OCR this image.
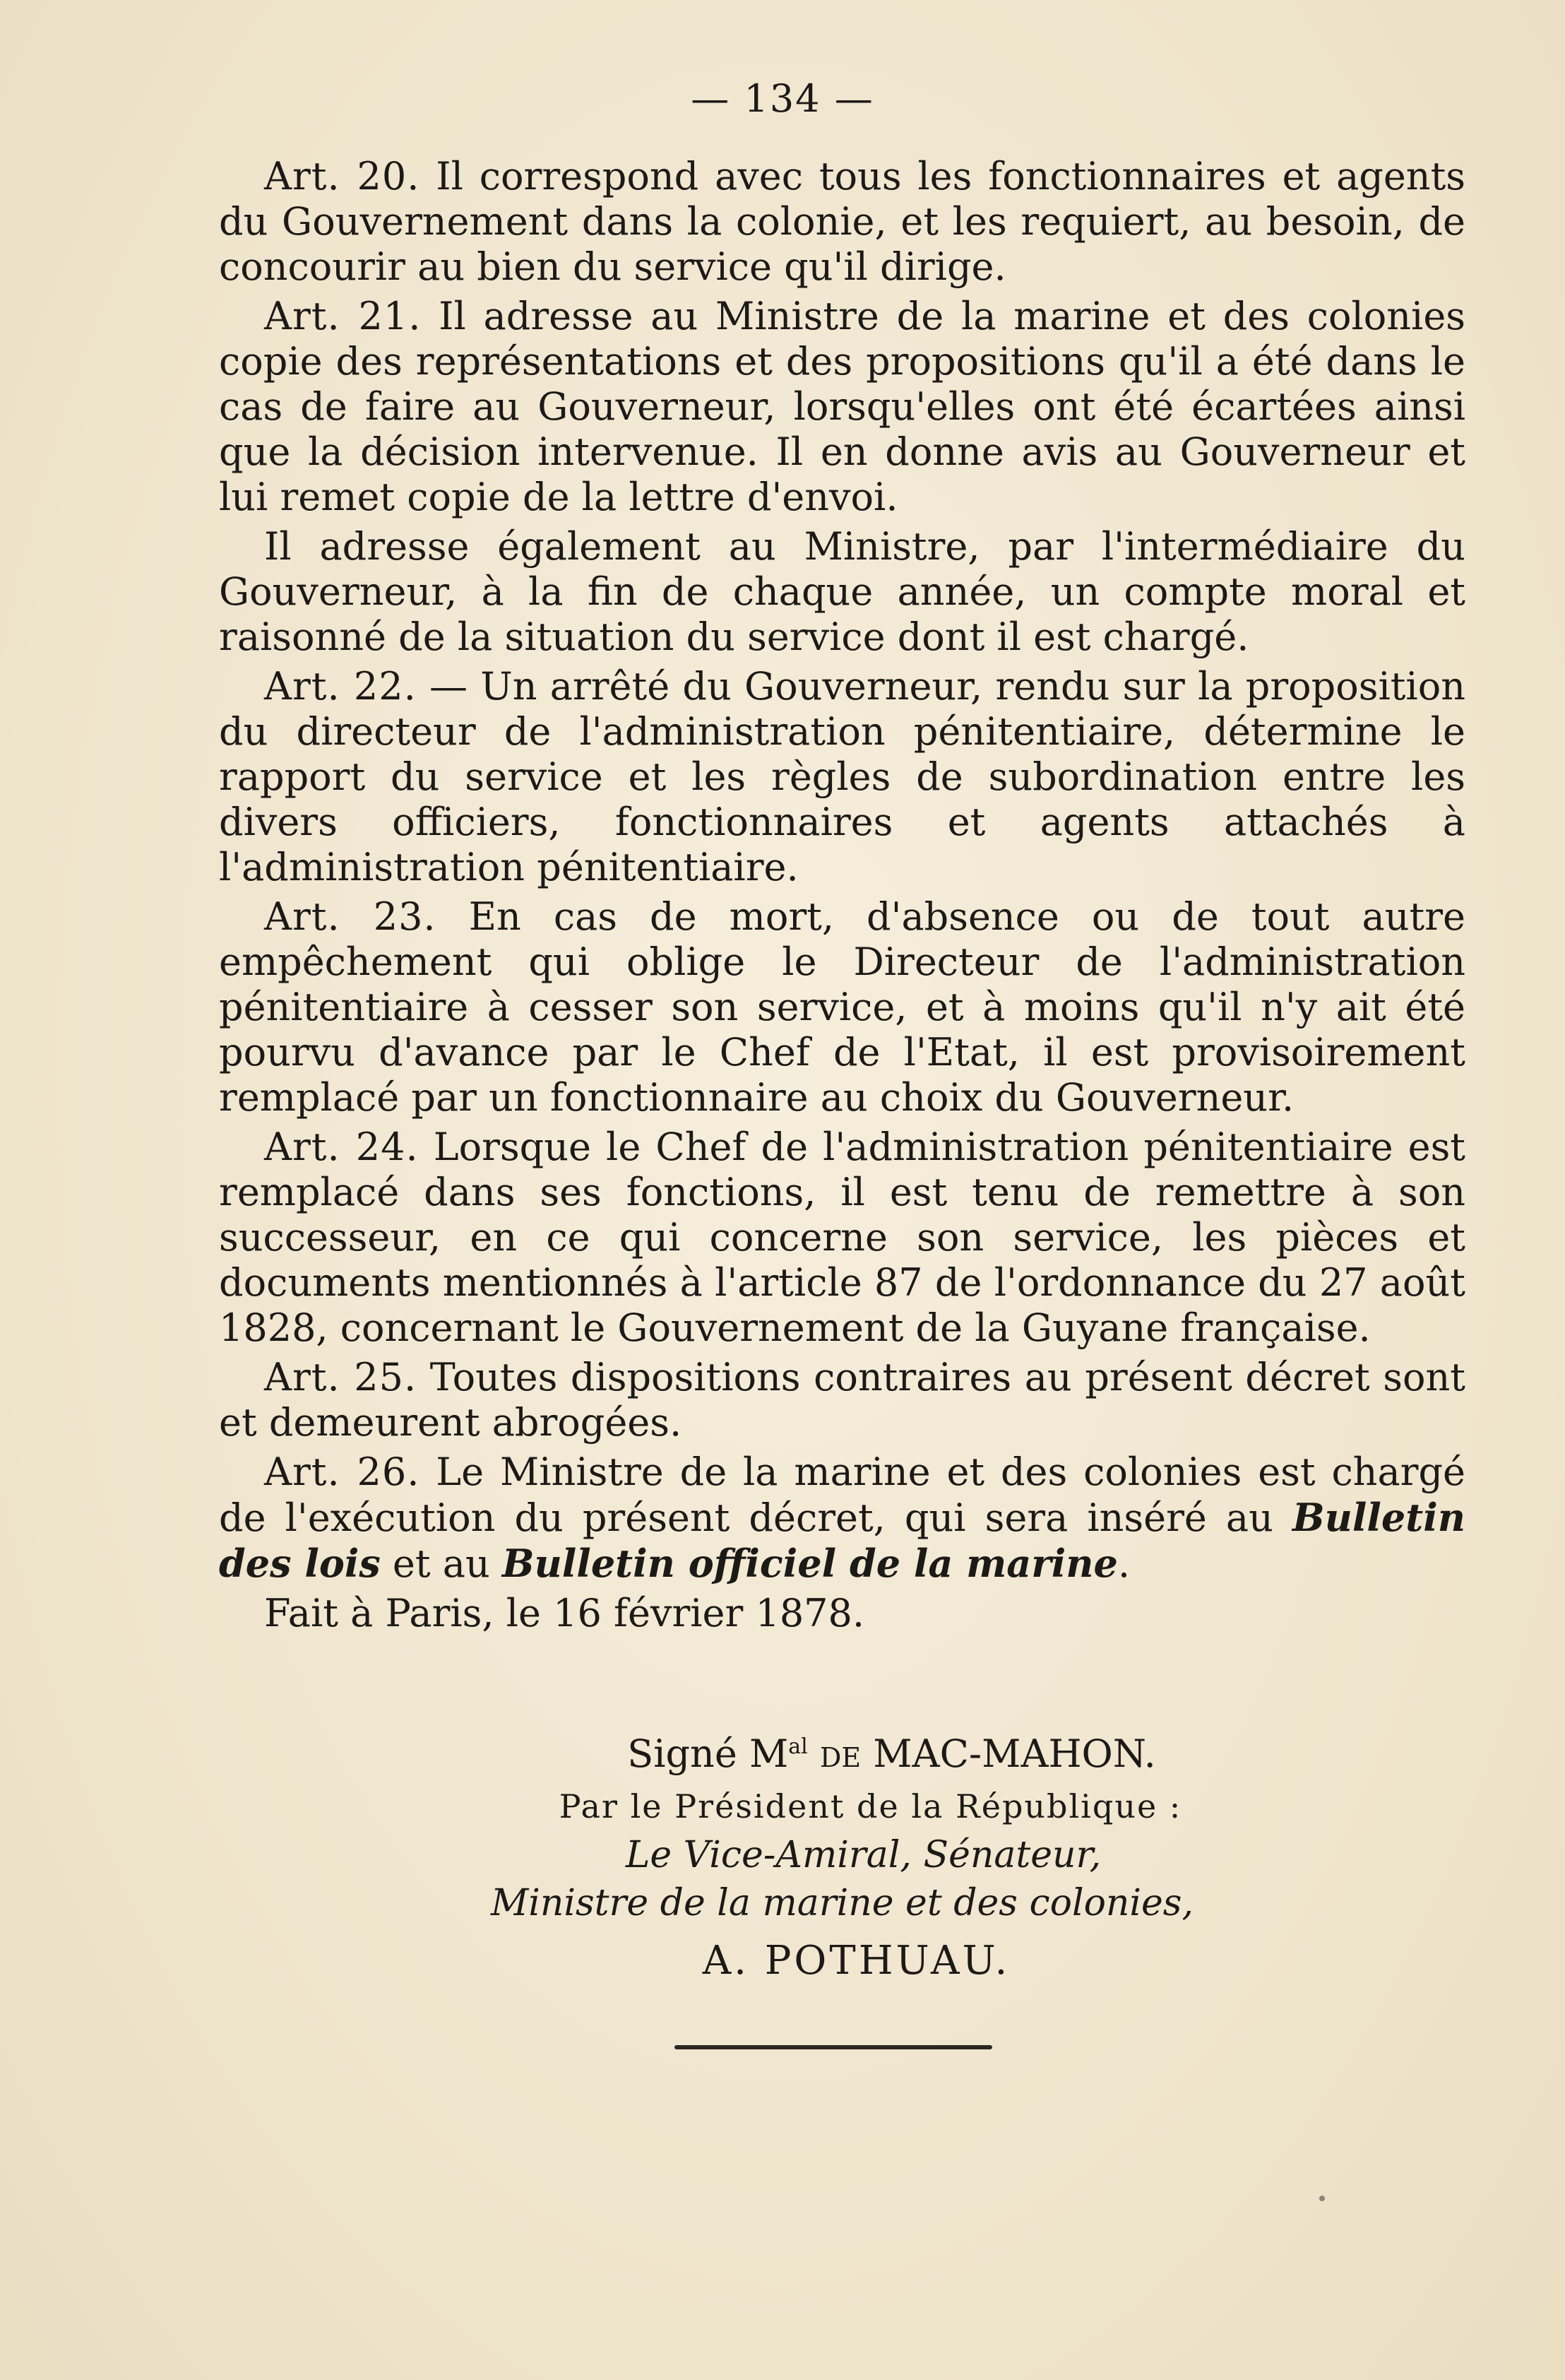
— 134 —

Art. 20. Il correspond avec tous les fonctionnaires et agents du Gouvernement dans la colonie, et les requiert, au besoin, de concourir au bien du service qu'il dirige.

Art. 21. Il adresse au Ministre de la marine et des colonies copie des représentations et des propositions qu'il a été dans le cas de faire au Gouverneur, lorsqu'elles ont été écartées ainsi que la décision intervenue. Il en donne avis au Gouverneur et lui remet copie de la lettre d'envoi.

Il adresse également au Ministre, par l'intermédiaire du Gouverneur, à la fin de chaque année, un compte moral et raisonné de la situation du service dont il est chargé.

Art. 22. — Un arrêté du Gouverneur, rendu sur la proposition du directeur de l'administration pénitentiaire, détermine le rapport du service et les règles de subordination entre les divers officiers, fonctionnaires et agents attachés à l'administration pénitentiaire.

Art. 23. En cas de mort, d'absence ou de tout autre empêchement qui oblige le Directeur de l'administration pénitentiaire à cesser son service, et à moins qu'il n'y ait été pourvu d'avance par le Chef de l'Etat, il est provisoirement remplacé par un fonctionnaire au choix du Gouverneur.

Art. 24. Lorsque le Chef de l'administration pénitentiaire est remplacé dans ses fonctions, il est tenu de remettre à son successeur, en ce qui concerne son service, les pièces et documents mentionnés à l'article 87 de l'ordonnance du 27 août 1828, concernant le Gouvernement de la Guyane française.

Art. 25. Toutes dispositions contraires au présent décret sont et demeurent abrogées.

Art. 26. Le Ministre de la marine et des colonies est chargé de l'exécution du présent décret, qui sera inséré au Bulletin des lois et au Bulletin officiel de la marine.

Fait à Paris, le 16 février 1878.

Signé $M^{al}$ de MAC-MAHON.

Par le Président de la République :

Le Vice-Amiral, Sénateur,

Ministre de la marine et des colonies,

A. POTHUAU.
